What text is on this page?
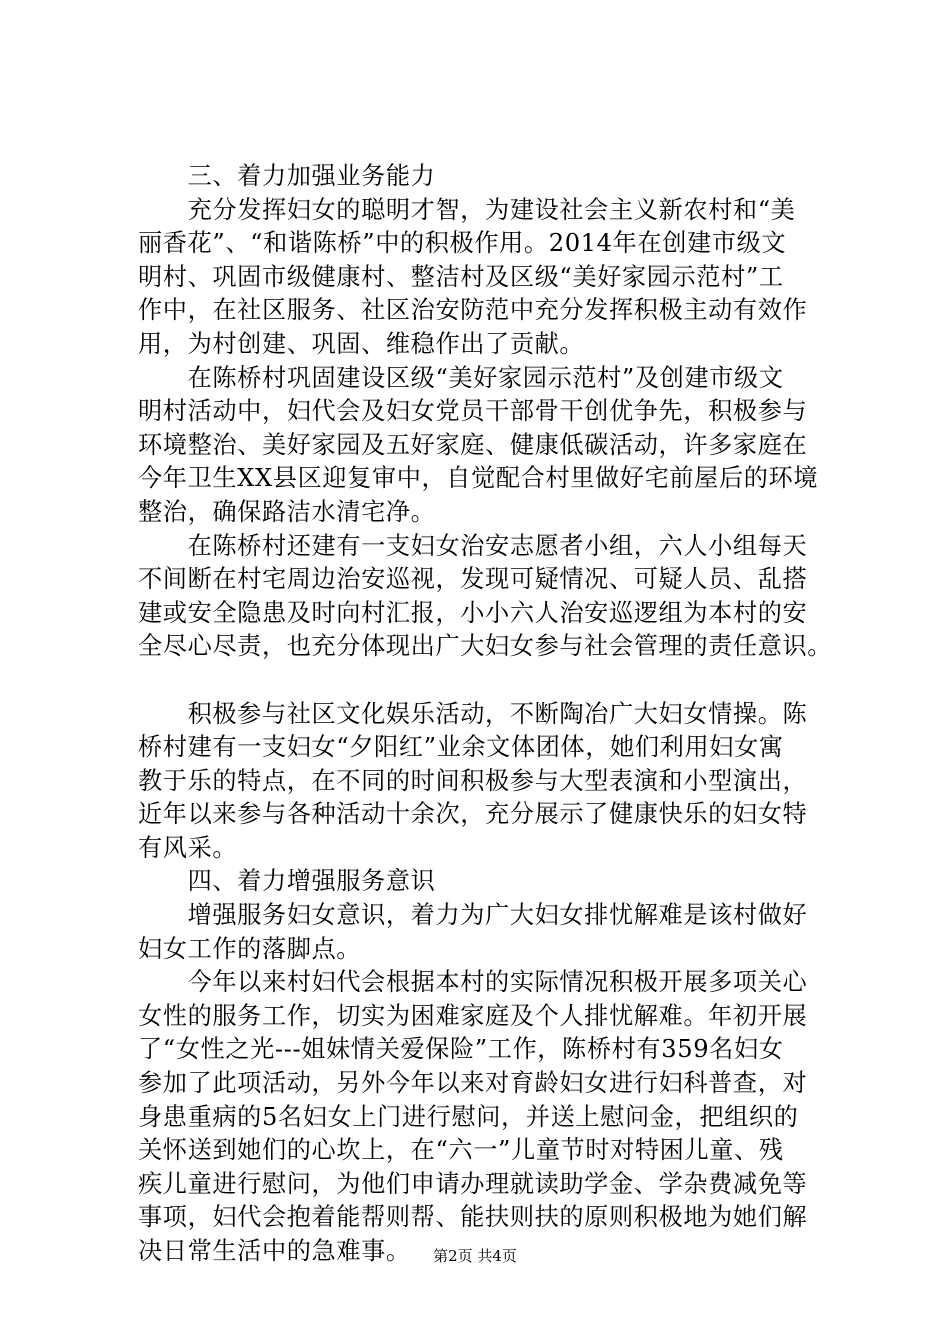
　　三、着力加强业务能力
　　充分发挥妇女的聪明才智，为建设社会主义新农村和“美
丽香花”、“和谐陈桥”中的积极作用。2014年在创建市级文
明村、巩固市级健康村、整洁村及区级“美好家园示范村”工
作中，在社区服务、社区治安防范中充分发挥积极主动有效作
用，为村创建、巩固、维稳作出了贡献。
　　在陈桥村巩固建设区级“美好家园示范村”及创建市级文
明村活动中，妇代会及妇女党员干部骨干创优争先，积极参与
环境整治、美好家园及五好家庭、健康低碳活动，许多家庭在
今年卫生XX县区迎复审中，自觉配合村里做好宅前屋后的环境
整治，确保路洁水清宅净。
　　在陈桥村还建有一支妇女治安志愿者小组，六人小组每天
不间断在村宅周边治安巡视，发现可疑情况、可疑人员、乱搭
建或安全隐患及时向村汇报，小小六人治安巡逻组为本村的安
全尽心尽责，也充分体现出广大妇女参与社会管理的责任意识。
　　积极参与社区文化娱乐活动，不断陶冶广大妇女情操。陈
桥村建有一支妇女“夕阳红”业余文体团体，她们利用妇女寓
教于乐的特点，在不同的时间积极参与大型表演和小型演出，
近年以来参与各种活动十余次，充分展示了健康快乐的妇女特
有风采。
　　四、着力增强服务意识
　　增强服务妇女意识，着力为广大妇女排忧解难是该村做好
妇女工作的落脚点。
　　今年以来村妇代会根据本村的实际情况积极开展多项关心
女性的服务工作，切实为困难家庭及个人排忧解难。年初开展
了“女性之光---姐妹情关爱保险”工作，陈桥村有359名妇女
参加了此项活动，另外今年以来对育龄妇女进行妇科普查，对
身患重病的5名妇女上门进行慰问，并送上慰问金，把组织的
关怀送到她们的心坎上，在“六一”儿童节时对特困儿童、残
疾儿童进行慰问，为他们申请办理就读助学金、学杂费减免等
事项，妇代会抱着能帮则帮、能扶则扶的原则积极地为她们解
决日常生活中的急难事。	第2页 共4页
